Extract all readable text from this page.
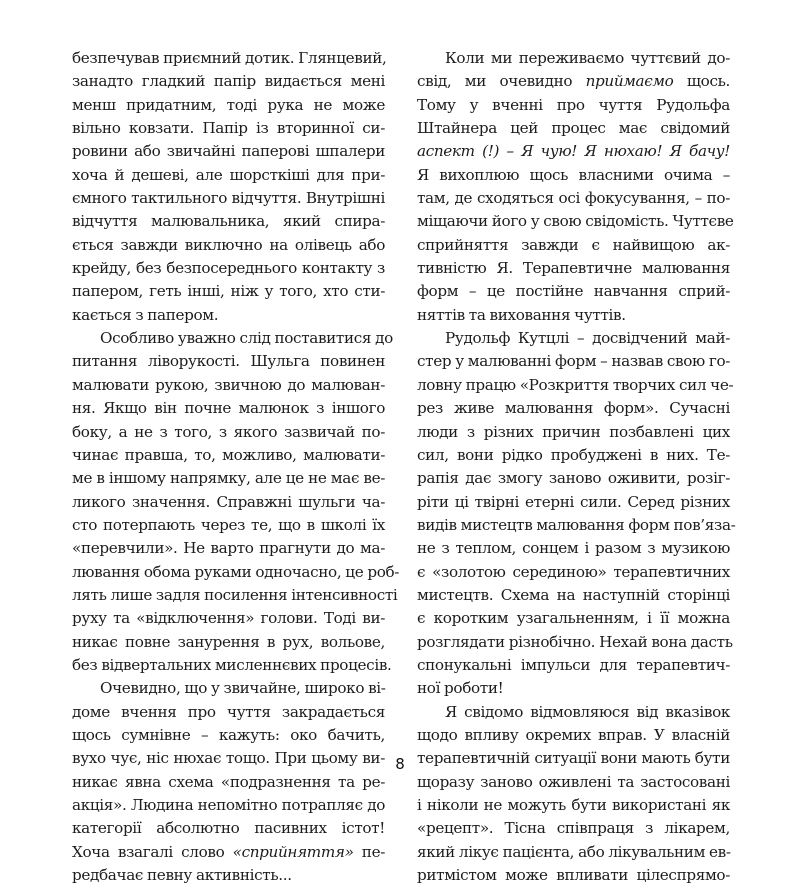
безпечував приємний дотик. Глянцевий,
занадто гладкий папір видається мені
менш придатним, тоді рука не може
вільно ковзати. Папір із вторинної си-
ровини або звичайні паперові шпалери
хоча й дешеві, але шорсткіші для при-
ємного тактильного відчуття. Внутрішні
відчуття малювальника, який спира-
ється завжди виключно на олівець або
крейду, без безпосереднього контакту з
папером, геть інші, ніж у того, хто сти-
кається з папером.
Особливо уважно слід поставитися до
питання ліворукості. Шульга повинен
малювати рукою, звичною до малюван-
ня. Якщо він почне малюнок з іншого
боку, а не з того, з якого зазвичай по-
чинає правша, то, можливо, малювати-
ме в іншому напрямку, але це не має ве-
ликого значення. Справжні шульги ча-
сто потерпають через те, що в школі їх
«перевчили». Не варто прагнути до ма-
лювання обома руками одночасно, це роб-
лять лише задля посилення інтенсивності
руху та «відключення» голови. Тоді ви-
никає повне занурення в рух, вольове,
без відвертальних мисленнєвих процесів.
Очевидно, що у звичайне, широко ві-
доме вчення про чуття закрадається
щось сумнівне – кажуть: око бачить,
вухо чує, ніс нюхає тощо. При цьому ви-
никає явна схема «подразнення та ре-
акція». Людина непомітно потрапляє до
категорії абсолютно пасивних істот!
Хоча взагалі слово «сприйняття» пе-
редбачає певну активність...
Коли ми переживаємо чуттєвий до-
свід, ми очевидно приймаємо щось.
Тому у вченні про чуття Рудольфа
Штайнера цей процес має свідомий
аспект (!) – Я чую! Я нюхаю! Я бачу!
Я вихоплюю щось власними очима –
там, де сходяться осі фокусування, – по-
міщаючи його у свою свідомість. Чуттєве
сприйняття завжди є найвищою ак-
тивністю Я. Терапевтичне малювання
форм – це постійне навчання сприй-
няттів та виховання чуттів.
Рудольф Кутцлі – досвідчений май-
стер у малюванні форм – назвав свою го-
ловну працю «Розкриття творчих сил че-
рез живе малювання форм». Сучасні
люди з різних причин позбавлені цих
сил, вони рідко пробуджені в них. Те-
рапія дає змогу заново оживити, розіг-
ріти ці твірні етерні сили. Серед різних
видів мистецтв малювання форм пов’яза-
не з теплом, сонцем і разом з музикою
є «золотою серединою» терапевтичних
мистецтв. Схема на наступній сторінці
є коротким узагальненням, і її можна
розглядати різнобічно. Нехай вона дасть
спонукальні імпульси для терапевтич-
ної роботи!
Я свідомо відмовляюся від вказівок
щодо впливу окремих вправ. У власній
терапевтичній ситуації вони мають бути
щоразу заново оживлені та застосовані
і ніколи не можуть бути використані як
«рецепт». Тісна співпраця з лікарем,
який лікує пацієнта, або лікувальним ев-
ритмістом може впливати цілеспрямо-
8
